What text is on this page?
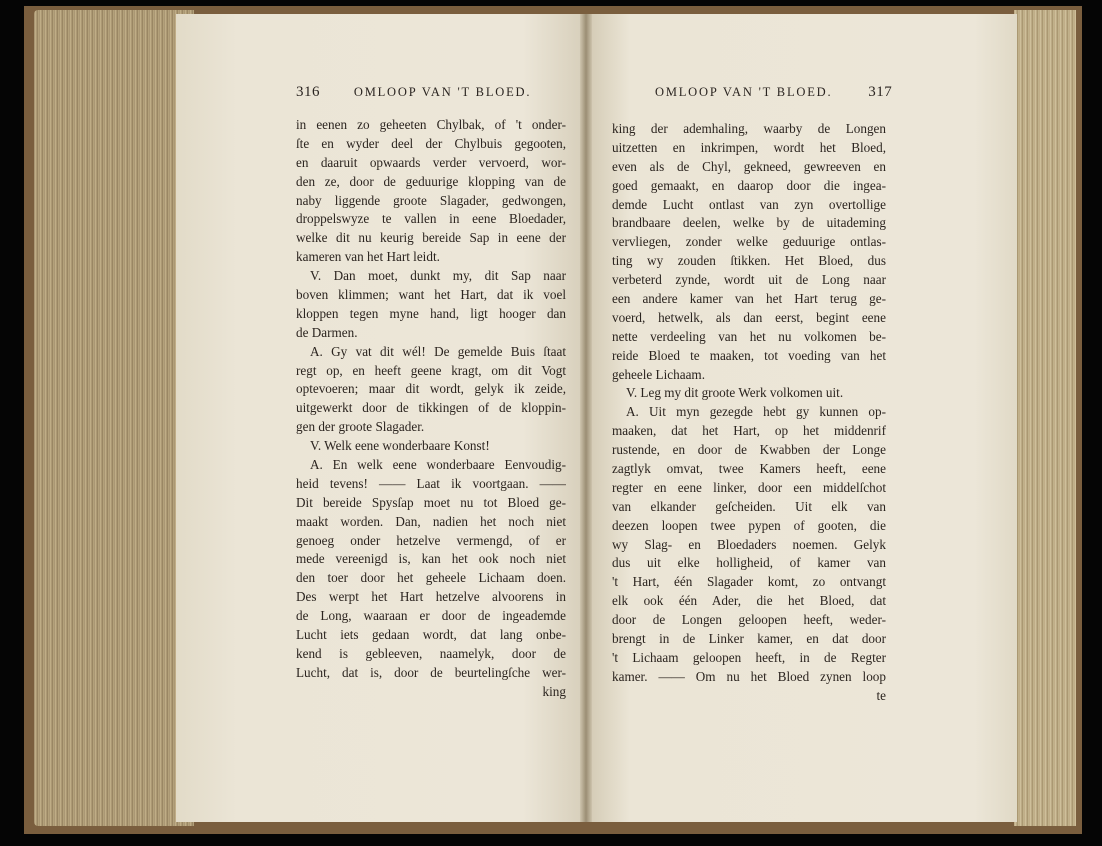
316	OMLOOP VAN 'T BLOED.	OMLOOP VAN 'T BLOED. 317
in eenen zo geheeten Chylbak, of 't onder-
ſte en wyder deel der Chylbuis gegooten,
en daaruit opwaards verder vervoerd, wor-
den ze, door de geduurige klopping van de
naby liggende groote Slagader, gedwongen,
droppelswyze te vallen in eene Bloedader,
welke dit nu keurig bereide Sap in eene der
kameren van het Hart leidt.
V. Dan moet, dunkt my, dit Sap naar
boven klimmen; want het Hart, dat ik voel
kloppen tegen myne hand, ligt hooger dan
de Darmen.
A. Gy vat dit wél! De gemelde Buis ſtaat
regt op, en heeft geene kragt, om dit Vogt
optevoeren; maar dit wordt, gelyk ik zeide,
uitgewerkt door de tikkingen of de kloppin-
gen der groote Slagader.
V. Welk eene wonderbaare Konst!
A. En welk eene wonderbaare Eenvoudig-
heid tevens! —— Laat ik voortgaan. ——
Dit bereide Spysſap moet nu tot Bloed ge-
maakt worden. Dan, nadien het noch niet
genoeg onder hetzelve vermengd, of er
mede vereenigd is, kan het ook noch niet
den toer door het geheele Lichaam doen.
Des werpt het Hart hetzelve alvoorens in
de Long, waaraan er door de ingeademde
Lucht iets gedaan wordt, dat lang onbe-
kend is gebleeven, naamelyk, door de
Lucht, dat is, door de beurtelingſche wer-
king
king der ademhaling, waarby de Longen
uitzetten en inkrimpen, wordt het Bloed,
even als de Chyl, gekneed, gewreeven en
goed gemaakt, en daarop door die ingea-
demde Lucht ontlast van zyn overtollige
brandbaare deelen, welke by de uitademing
vervliegen, zonder welke geduurige ontlas-
ting wy zouden ſtikken. Het Bloed, dus
verbeterd zynde, wordt uit de Long naar
een andere kamer van het Hart terug ge-
voerd, hetwelk, als dan eerst, begint eene
nette verdeeling van het nu volkomen be-
reide Bloed te maaken, tot voeding van het
geheele Lichaam.
V. Leg my dit groote Werk volkomen uit.
A. Uit myn gezegde hebt gy kunnen op-
maaken, dat het Hart, op het middenrif
rustende, en door de Kwabben der Longe
zagtlyk omvat, twee Kamers heeft, eene
regter en eene linker, door een middelſchot
van elkander geſcheiden. Uit elk van
deezen loopen twee pypen of gooten, die
wy Slag- en Bloedaders noemen. Gelyk
dus uit elke holligheid, of kamer van
't Hart, één Slagader komt, zo ontvangt
elk ook één Ader, die het Bloed, dat
door de Longen geloopen heeft, weder-
brengt in de Linker kamer, en dat door
't Lichaam geloopen heeft, in de Regter
kamer. —— Om nu het Bloed zynen loop
te
